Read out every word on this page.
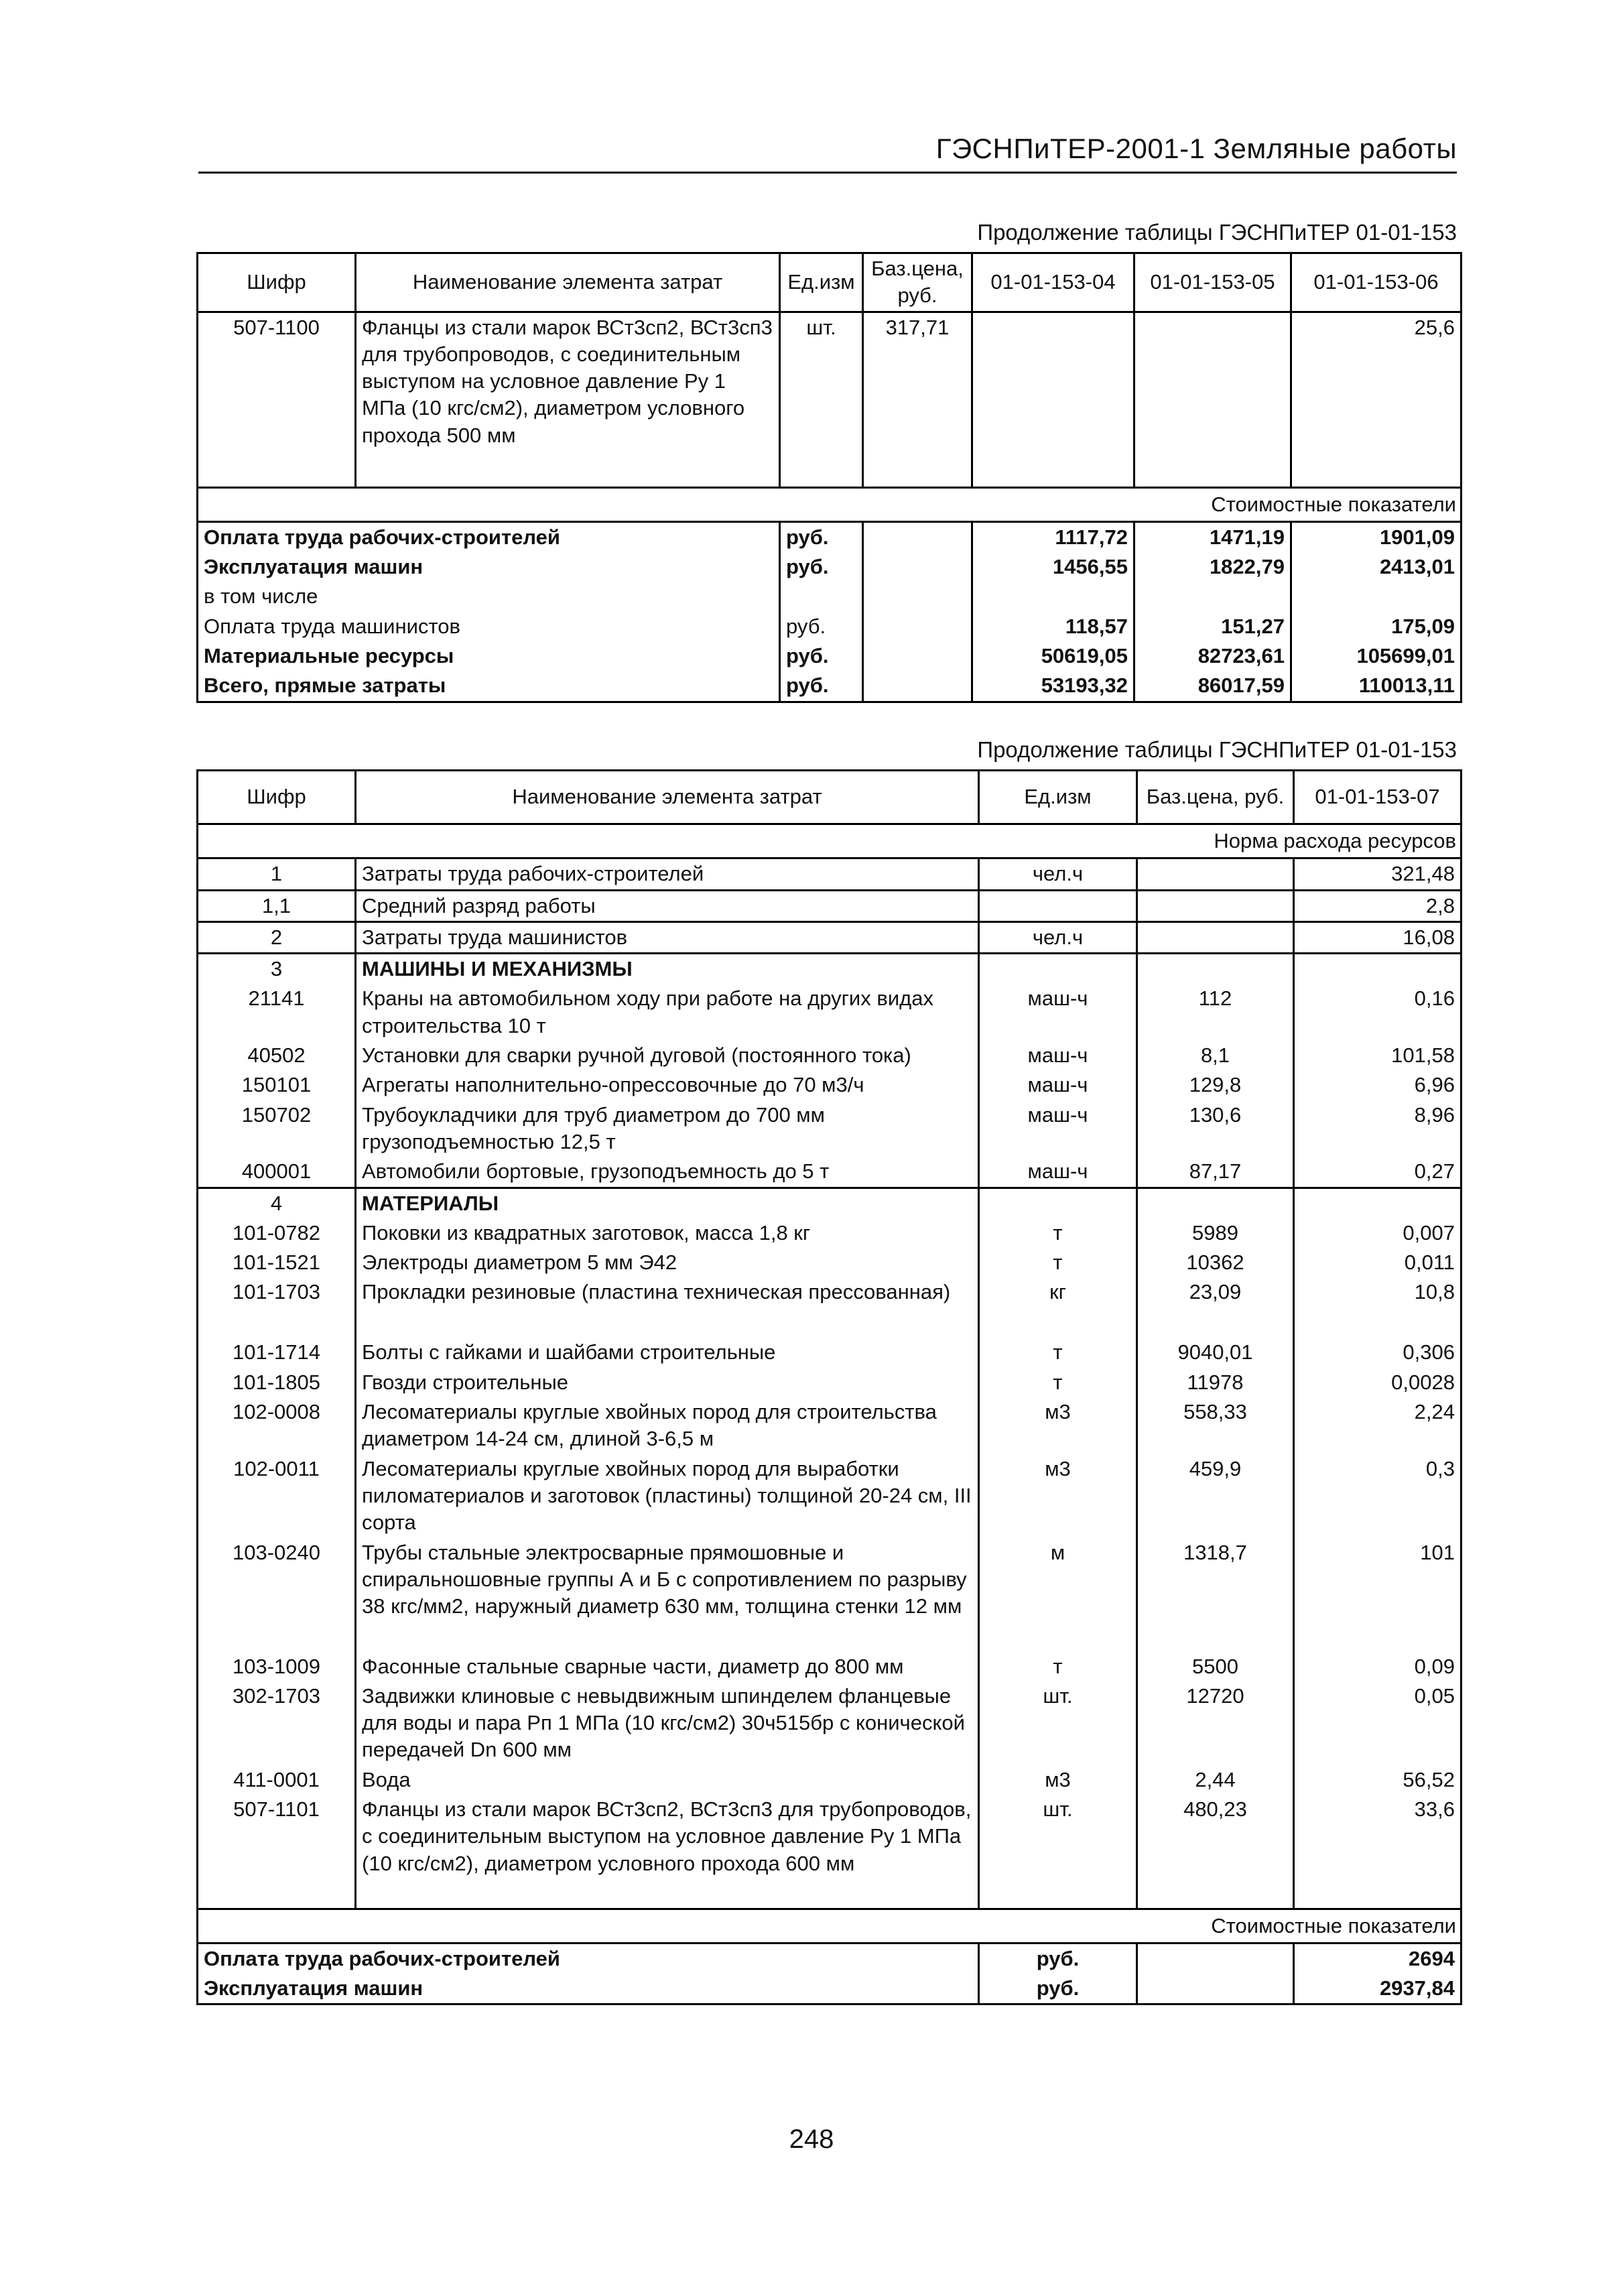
ГЭСНПиТЕР-2001-1 Земляные работы
Продолжение таблицы ГЭСНПиТЕР 01-01-153
Шифр	Наименование элемента затрат	Ед.изм	Баз.цена, руб.	01-01-153-04	01-01-153-05	01-01-153-06
507-1100	Фланцы из стали марок ВСт3сп2, ВСт3сп3 для трубопроводов, с соединительным выступом на условное давление Ру 1 МПа (10 кгс/см2), диаметром условного прохода 500 мм	шт.	317,71			25,6
Стоимостные показатели						
Оплата труда рабочих-строителей		руб.		1117,72	1471,19	1901,09
Эксплуатация машин		руб.		1456,55	1822,79	2413,01
в том числе						
Оплата труда машинистов		руб.		118,57	151,27	175,09
Материальные ресурсы		руб.		50619,05	82723,61	105699,01
Всего, прямые затраты		руб.		53193,32	86017,59	110013,11
Продолжение таблицы ГЭСНПиТЕР 01-01-153
Шифр	Наименование элемента затрат	Ед.изм	Баз.цена, руб.	01-01-153-07
Норма расхода ресурсов				
1	Затраты труда рабочих-строителей	чел.ч		321,48
1,1	Средний разряд работы			2,8
2	Затраты труда машинистов	чел.ч		16,08
3	МАШИНЫ И МЕХАНИЗМЫ			
21141	Краны на автомобильном ходу при работе на других видах строительства 10 т	маш-ч	112	0,16
40502	Установки для сварки ручной дуговой (постоянного тока)	маш-ч	8,1	101,58
150101	Агрегаты наполнительно-опрессовочные до 70 м3/ч	маш-ч	129,8	6,96
150702	Трубоукладчики для труб диаметром до 700 мм грузоподъемностью 12,5 т	маш-ч	130,6	8,96
400001	Автомобили бортовые, грузоподъемность до 5 т	маш-ч	87,17	0,27
4	МАТЕРИАЛЫ			
101-0782	Поковки из квадратных заготовок, масса 1,8 кг	т	5989	0,007
101-1521	Электроды диаметром 5 мм Э42	т	10362	0,011
101-1703	Прокладки резиновые (пластина техническая прессованная)	кг	23,09	10,8
101-1714	Болты с гайками и шайбами строительные	т	9040,01	0,306
101-1805	Гвозди строительные	т	11978	0,0028
102-0008	Лесоматериалы круглые хвойных пород для строительства диаметром 14-24 см, длиной 3-6,5 м	м3	558,33	2,24
102-0011	Лесоматериалы круглые хвойных пород для выработки пиломатериалов и заготовок (пластины) толщиной 20-24 см, III сорта	м3	459,9	0,3
103-0240	Трубы стальные электросварные прямошовные и спиральношовные группы А и Б с сопротивлением по разрыву 38 кгс/мм2, наружный диаметр 630 мм, толщина стенки 12 мм	м	1318,7	101
103-1009	Фасонные стальные сварные части, диаметр до 800 мм	т	5500	0,09
302-1703	Задвижки клиновые с невыдвижным шпинделем фланцевые для воды и пара Рп 1 МПа (10 кгс/см2) 30ч515бр с конической передачей Dn 600 мм	шт.	12720	0,05
411-0001	Вода	м3	2,44	56,52
507-1101	Фланцы из стали марок ВСт3сп2, ВСт3сп3 для трубопроводов, с соединительным выступом на условное давление Ру 1 МПа (10 кгс/см2), диаметром условного прохода 600 мм	шт.	480,23	33,6
Стоимостные показатели				
Оплата труда рабочих-строителей		руб.		2694
Эксплуатация машин		руб.		2937,84
248
